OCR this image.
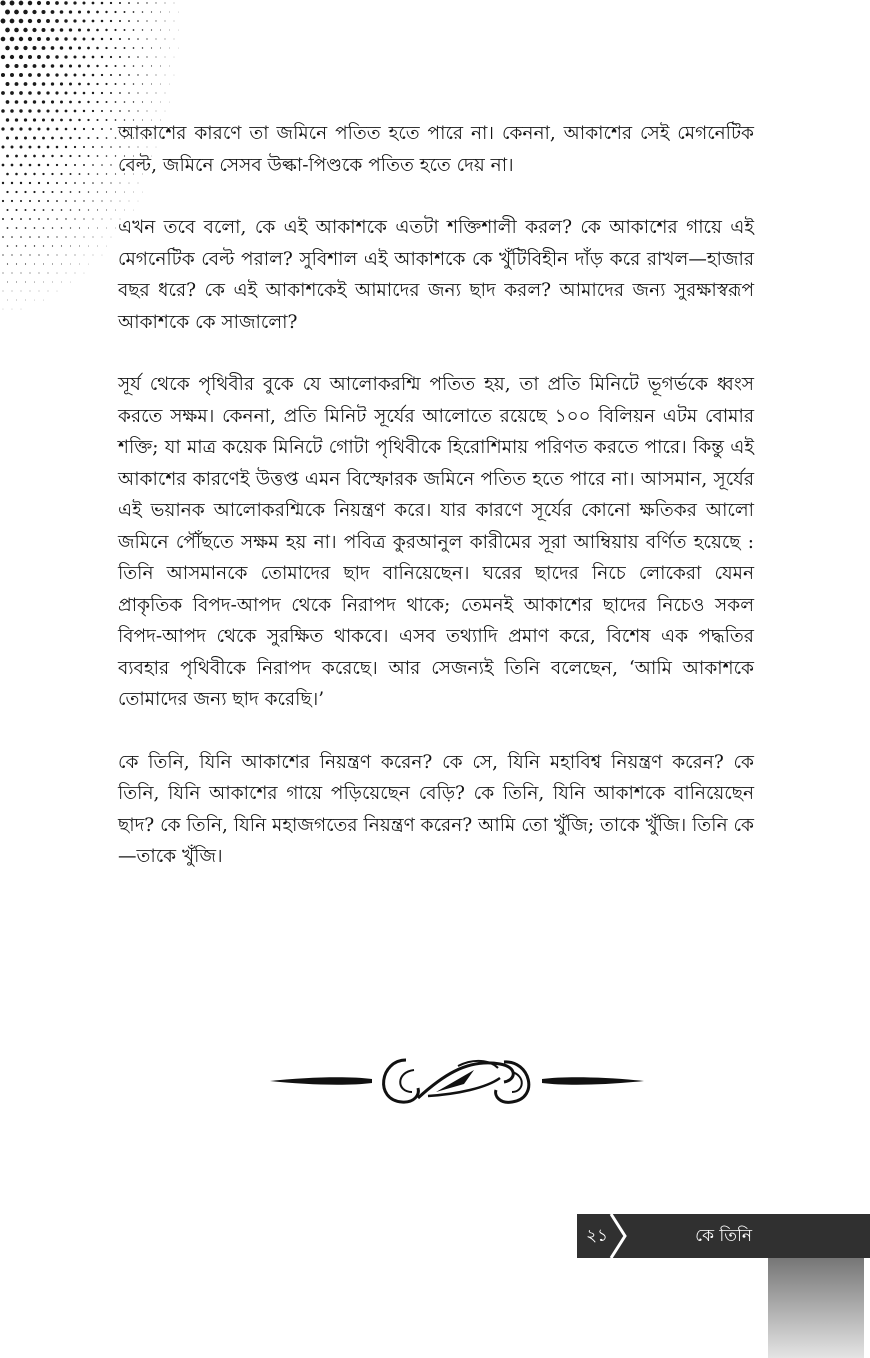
আকাশের কারণে তা জমিনে পতিত হতে পারে না। কেননা, আকাশের সেই মেগনেটিক বেল্ট, জমিনে সেসব উল্কা-পিণ্ডকে পতিত হতে দেয় না।

এখন তবে বলো, কে এই আকাশকে এতটা শক্তিশালী করল? কে আকাশের গায়ে এই মেগনেটিক বেল্ট পরাল? সুবিশাল এই আকাশকে কে খুঁটিবিহীন দাঁড় করে রাখল—হাজার বছর ধরে? কে এই আকাশকেই আমাদের জন্য ছাদ করল? আমাদের জন্য সুরক্ষাস্বরূপ আকাশকে কে সাজালো?

সূর্য থেকে পৃথিবীর বুকে যে আলোকরশ্মি পতিত হয়, তা প্রতি মিনিটে ভূগর্ভকে ধ্বংস করতে সক্ষম। কেননা, প্রতি মিনিট সূর্যের আলোতে রয়েছে ১০০ বিলিয়ন এটম বোমার শক্তি; যা মাত্র কয়েক মিনিটে গোটা পৃথিবীকে হিরোশিমায় পরিণত করতে পারে। কিন্তু এই আকাশের কারণেই উত্তপ্ত এমন বিস্ফোরক জমিনে পতিত হতে পারে না। আসমান, সূর্যের এই ভয়ানক আলোকরশ্মিকে নিয়ন্ত্রণ করে। যার কারণে সূর্যের কোনো ক্ষতিকর আলো জমিনে পৌঁছতে সক্ষম হয় না। পবিত্র কুরআনুল কারীমের সূরা আম্বিয়ায় বর্ণিত হয়েছে : তিনি আসমানকে তোমাদের ছাদ বানিয়েছেন। ঘরের ছাদের নিচে লোকেরা যেমন প্রাকৃতিক বিপদ-আপদ থেকে নিরাপদ থাকে; তেমনই আকাশের ছাদের নিচেও সকল বিপদ-আপদ থেকে সুরক্ষিত থাকবে। এসব তথ্যাদি প্রমাণ করে, বিশেষ এক পদ্ধতির ব্যবহার পৃথিবীকে নিরাপদ করেছে। আর সেজন্যই তিনি বলেছেন, ‘আমি আকাশকে তোমাদের জন্য ছাদ করেছি।’

কে তিনি, যিনি আকাশের নিয়ন্ত্রণ করেন? কে সে, যিনি মহাবিশ্ব নিয়ন্ত্রণ করেন? কে তিনি, যিনি আকাশের গায়ে পড়িয়েছেন বেড়ি? কে তিনি, যিনি আকাশকে বানিয়েছেন ছাদ? কে তিনি, যিনি মহাজগতের নিয়ন্ত্রণ করেন? আমি তো খুঁজি; তাকে খুঁজি। তিনি কে—তাকে খুঁজি।

২১	কে তিনি
